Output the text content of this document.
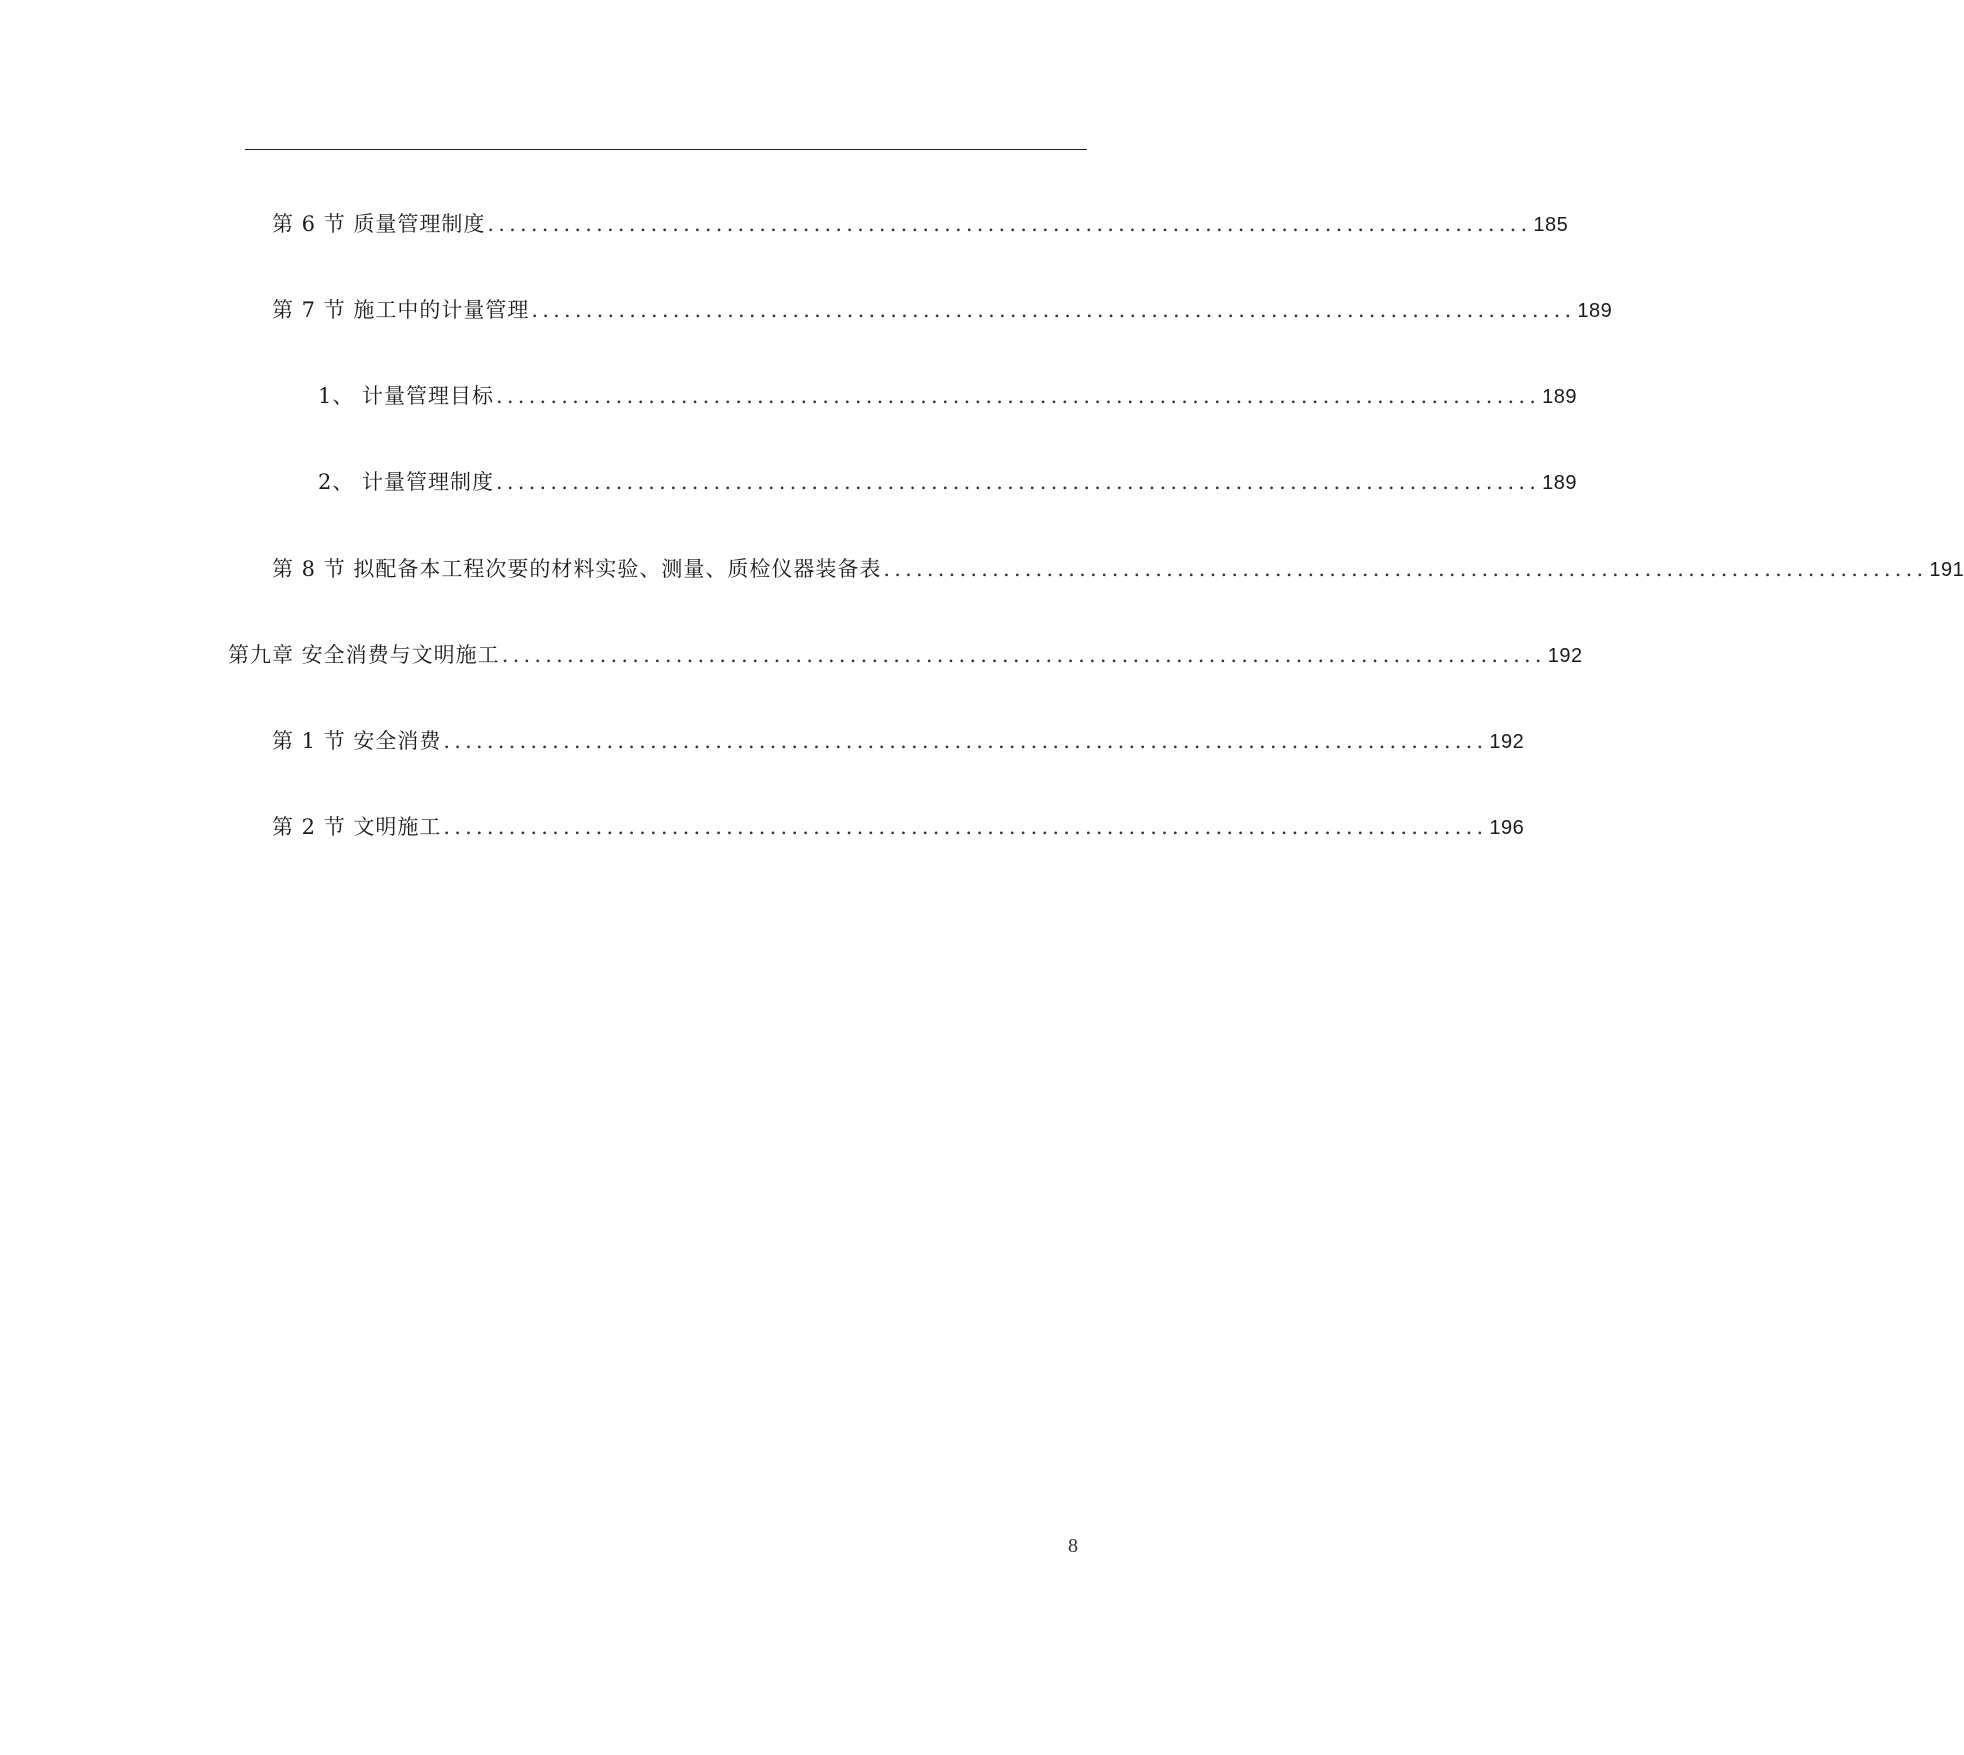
第 6 节 质量管理制度 ................................................................................................ 185
第 7 节 施工中的计量管理 ................................................................................................ 189
1、 计量管理目标 ................................................................................................ 189
2、 计量管理制度 ................................................................................................ 189
第 8 节 拟配备本工程次要的材料实验、测量、质检仪器装备表 ................................................................................................ 191
第九章 安全消费与文明施工 ................................................................................................ 192
第 1 节 安全消费 ................................................................................................ 192
第 2 节 文明施工 ................................................................................................ 196
8
